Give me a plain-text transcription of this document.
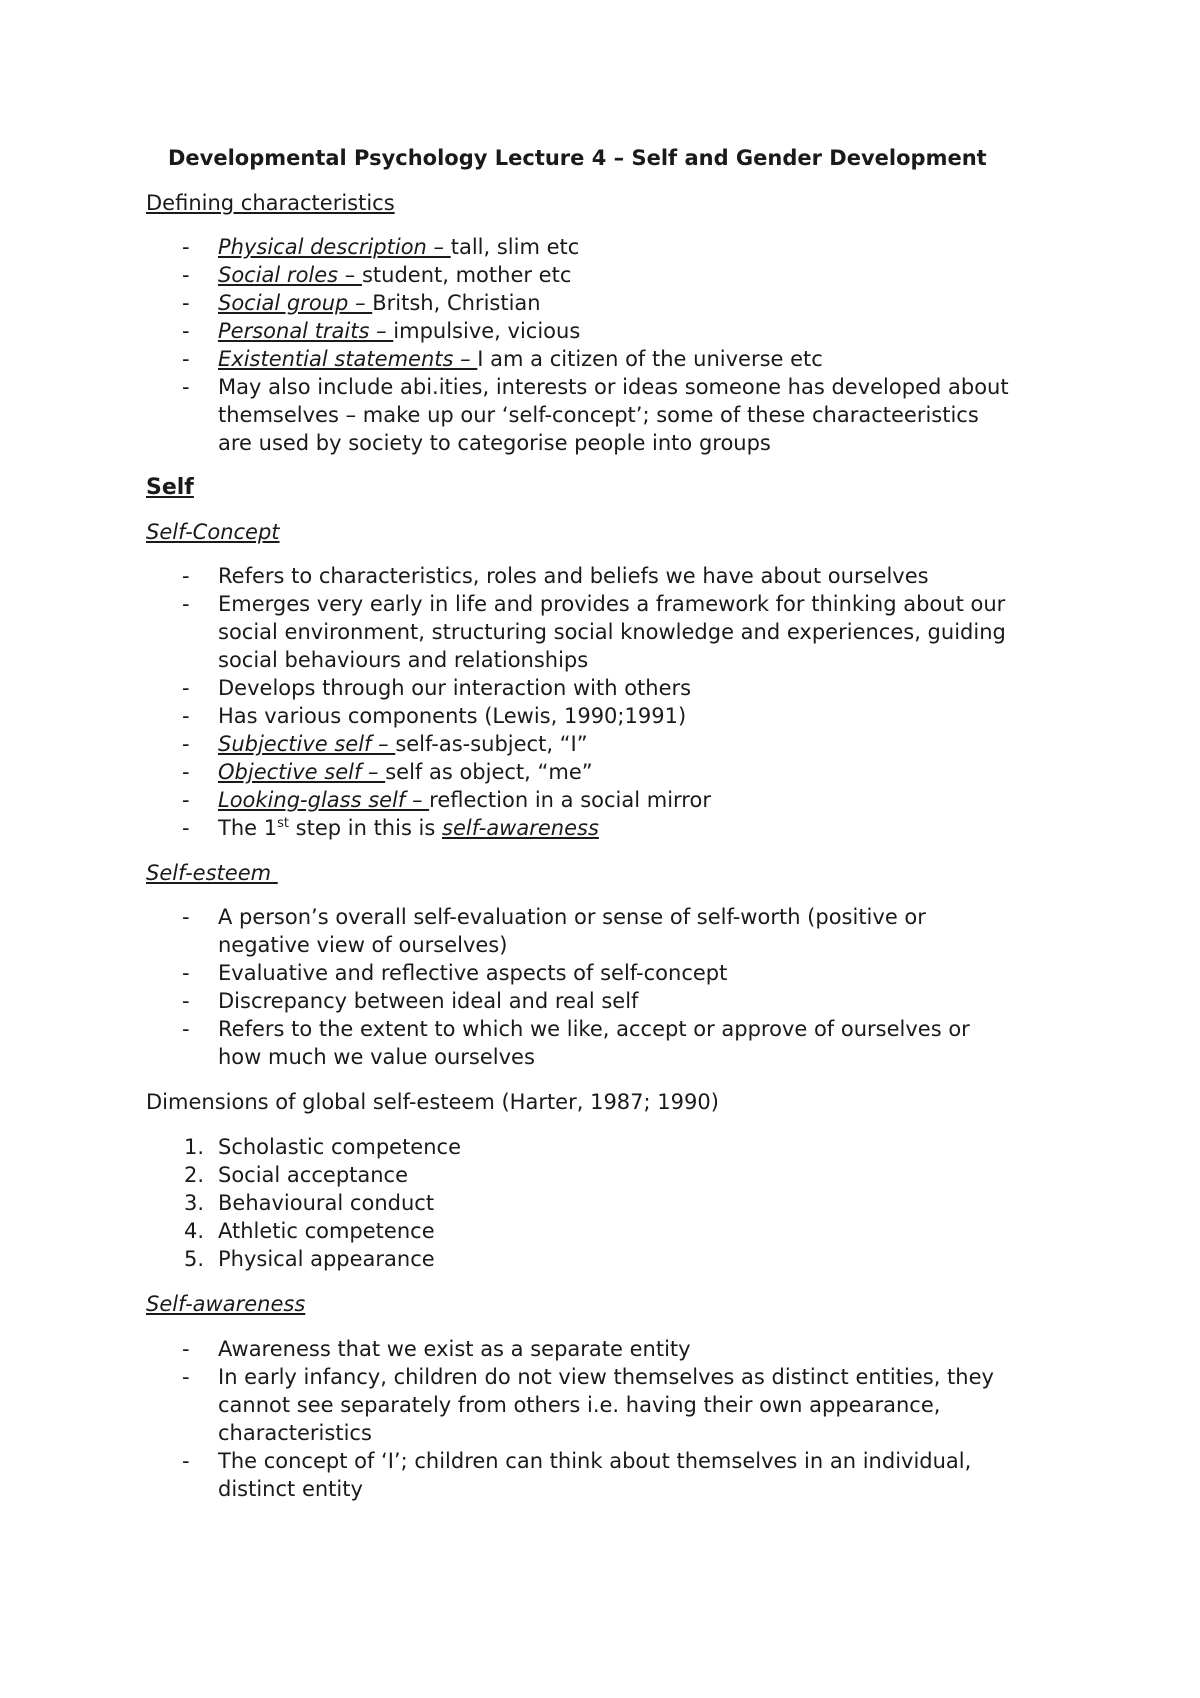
Developmental Psychology Lecture 4 – Self and Gender Development
Defining characteristics
- Physical description – tall, slim etc
- Social roles – student, mother etc
- Social group – Britsh, Christian
- Personal traits – impulsive, vicious
- Existential statements – I am a citizen of the universe etc
- May also include abi.ities, interests or ideas someone has developed about
themselves – make up our ‘self-concept’; some of these characteeristics
are used by society to categorise people into groups
Self
Self-Concept
- Refers to characteristics, roles and beliefs we have about ourselves
- Emerges very early in life and provides a framework for thinking about our
social environment, structuring social knowledge and experiences, guiding
social behaviours and relationships
- Develops through our interaction with others
- Has various components (Lewis, 1990;1991)
- Subjective self – self-as-subject, “I”
- Objective self – self as object, “me”
- Looking-glass self – reflection in a social mirror
- The 1st step in this is self-awareness
Self-esteem
- A person’s overall self-evaluation or sense of self-worth (positive or
negative view of ourselves)
- Evaluative and reflective aspects of self-concept
- Discrepancy between ideal and real self
- Refers to the extent to which we like, accept or approve of ourselves or
how much we value ourselves
Dimensions of global self-esteem (Harter, 1987; 1990)
1. Scholastic competence
2. Social acceptance
3. Behavioural conduct
4. Athletic competence
5. Physical appearance
Self-awareness
- Awareness that we exist as a separate entity
- In early infancy, children do not view themselves as distinct entities, they
cannot see separately from others i.e. having their own appearance,
characteristics
- The concept of ‘I’; children can think about themselves in an individual,
distinct entity
